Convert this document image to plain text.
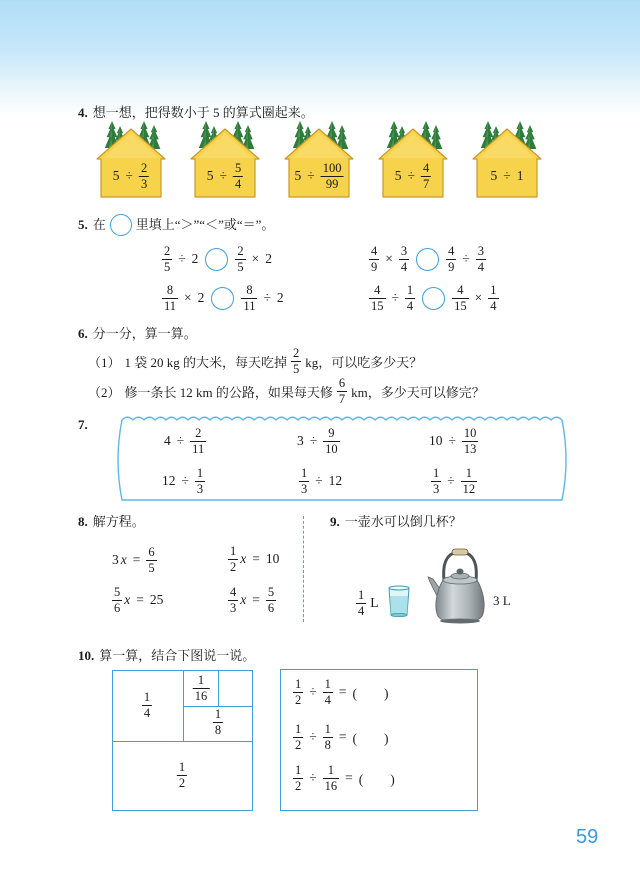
4. 想一想，把得数小于 5 的算式圈起来。
$5 \div \frac{2}{3}$	$5 \div \frac{5}{4}$	$5 \div \frac{100}{99}$	$5 \div \frac{4}{7}$	5 ÷ 1
5. 在 里填上“＞”“＜”或“＝”。
$\frac{2}{5} \div 2$	$\frac{2}{5} \times 2$	$\frac{4}{9} \times \frac{3}{4}$	$\frac{4}{9} \div \frac{3}{4}$
$\frac{8}{11} \times 2$	$\frac{8}{11} \div 2$	$\frac{4}{15} \div \frac{1}{4}$	$\frac{4}{15} \times \frac{1}{4}$
6. 分一分，算一算。
（1） 1 袋 20 kg 的大米，每天吃掉 $\frac{2}{5}$ kg，可以吃多少天？
（2） 修一条长 12 km 的公路，如果每天修 $\frac{6}{7}$ km，多少天可以修完？
7.
$4 \div \frac{2}{11}$	$3 \div \frac{9}{10}$	$10 \div \frac{10}{13}$
$12 \div \frac{1}{3}$	$\frac{1}{3} \div 12$	$\frac{1}{3} \div \frac{1}{12}$
8. 解方程。
3 $x = \frac{6}{5}$	$\frac{1}{2}$ x = 10
$\frac{5}{6}$ x = 25	$\frac{4}{3}$ $x = \frac{5}{6}$
9. 一壶水可以倒几杯？
$\frac{1}{4}$ L	3 L
10. 算一算，结合下图说一说。
$\frac{1}{4}$
$\frac{1}{16}$
$\frac{1}{8}$
$\frac{1}{2}$
$\frac{1}{2} \div \frac{1}{4}$ = (　　)
$\frac{1}{2} \div \frac{1}{8}$ = (　　)
$\frac{1}{2} \div \frac{1}{16}$ = (　　)
59
